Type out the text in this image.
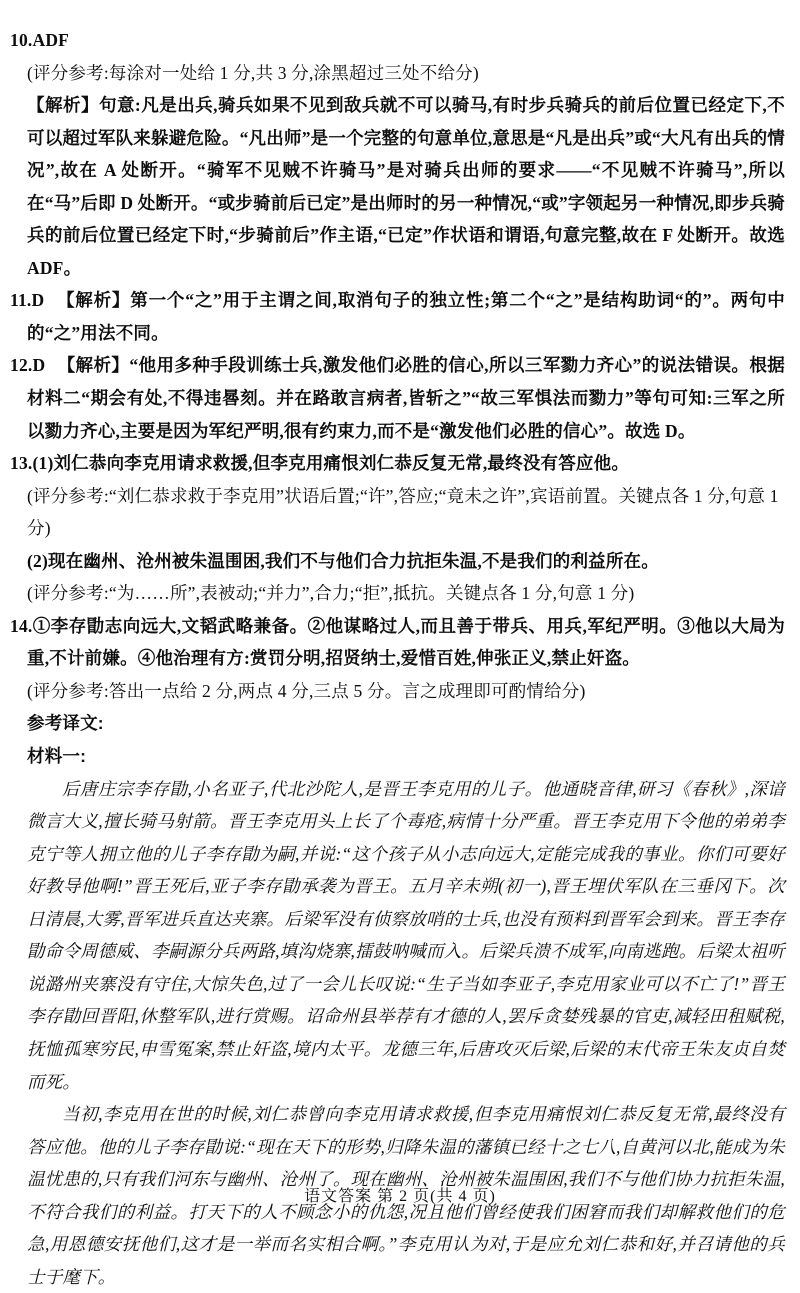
10.ADF

(评分参考:每涂对一处给 1 分,共 3 分,涂黑超过三处不给分)

【解析】句意:凡是出兵,骑兵如果不见到敌兵就不可以骑马,有时步兵骑兵的前后位置已经定下,不可以超过军队来躲避危险。“凡出师”是一个完整的句意单位,意思是“凡是出兵”或“大凡有出兵的情况”,故在 A 处断开。“骑军不见贼不许骑马”是对骑兵出师的要求——“不见贼不许骑马”,所以在“马”后即 D 处断开。“或步骑前后已定”是出师时的另一种情况,“或”字领起另一种情况,即步兵骑兵的前后位置已经定下时,“步骑前后”作主语,“已定”作状语和谓语,句意完整,故在 F 处断开。故选 ADF。

11.D 【解析】第一个“之”用于主谓之间,取消句子的独立性;第二个“之”是结构助词“的”。两句中的“之”用法不同。

12.D 【解析】“他用多种手段训练士兵,激发他们必胜的信心,所以三军勠力齐心”的说法错误。根据材料二“期会有处,不得违晷刻。并在路敢言病者,皆斩之”“故三军惧法而勠力”等句可知:三军之所以勠力齐心,主要是因为军纪严明,很有约束力,而不是“激发他们必胜的信心”。故选 D。

13.(1)刘仁恭向李克用请求救援,但李克用痛恨刘仁恭反复无常,最终没有答应他。

(评分参考:“刘仁恭求救于李克用”状语后置;“许”,答应;“竟未之许”,宾语前置。关键点各 1 分,句意 1 分)

(2)现在幽州、沧州被朱温围困,我们不与他们合力抗拒朱温,不是我们的利益所在。

(评分参考:“为……所”,表被动;“并力”,合力;“拒”,抵抗。关键点各 1 分,句意 1 分)

14.①李存勖志向远大,文韬武略兼备。②他谋略过人,而且善于带兵、用兵,军纪严明。③他以大局为重,不计前嫌。④他治理有方:赏罚分明,招贤纳士,爱惜百姓,伸张正义,禁止奸盗。

(评分参考:答出一点给 2 分,两点 4 分,三点 5 分。言之成理即可酌情给分)

参考译文:

材料一:

后唐庄宗李存勖,小名亚子,代北沙陀人,是晋王李克用的儿子。他通晓音律,研习《春秋》,深谙微言大义,擅长骑马射箭。晋王李克用头上长了个毒疮,病情十分严重。晋王李克用下令他的弟弟李克宁等人拥立他的儿子李存勖为嗣,并说:“这个孩子从小志向远大,定能完成我的事业。你们可要好好教导他啊!”晋王死后,亚子李存勖承袭为晋王。五月辛未朔(初一),晋王埋伏军队在三垂冈下。次日清晨,大雾,晋军进兵直达夹寨。后梁军没有侦察放哨的士兵,也没有预料到晋军会到来。晋王李存勖命令周德威、李嗣源分兵两路,填沟烧寨,擂鼓呐喊而入。后梁兵溃不成军,向南逃跑。后梁太祖听说潞州夹寨没有守住,大惊失色,过了一会儿长叹说:“生子当如李亚子,李克用家业可以不亡了!”晋王李存勖回晋阳,休整军队,进行赏赐。诏命州县举荐有才德的人,罢斥贪婪残暴的官吏,减轻田租赋税,抚恤孤寒穷民,申雪冤案,禁止奸盗,境内太平。龙德三年,后唐攻灭后梁,后梁的末代帝王朱友贞自焚而死。

当初,李克用在世的时候,刘仁恭曾向李克用请求救援,但李克用痛恨刘仁恭反复无常,最终没有答应他。他的儿子李存勖说:“现在天下的形势,归降朱温的藩镇已经十之七八,自黄河以北,能成为朱温忧患的,只有我们河东与幽州、沧州了。现在幽州、沧州被朱温围困,我们不与他们协力抗拒朱温,不符合我们的利益。打天下的人不顾念小的仇怨,况且他们曾经使我们困窘而我们却解救他们的危急,用恩德安抚他们,这才是一举而名实相合啊。”李克用认为对,于是应允刘仁恭和好,并召请他的兵士于麾下。

语文答案 第 2 页(共 4 页)
